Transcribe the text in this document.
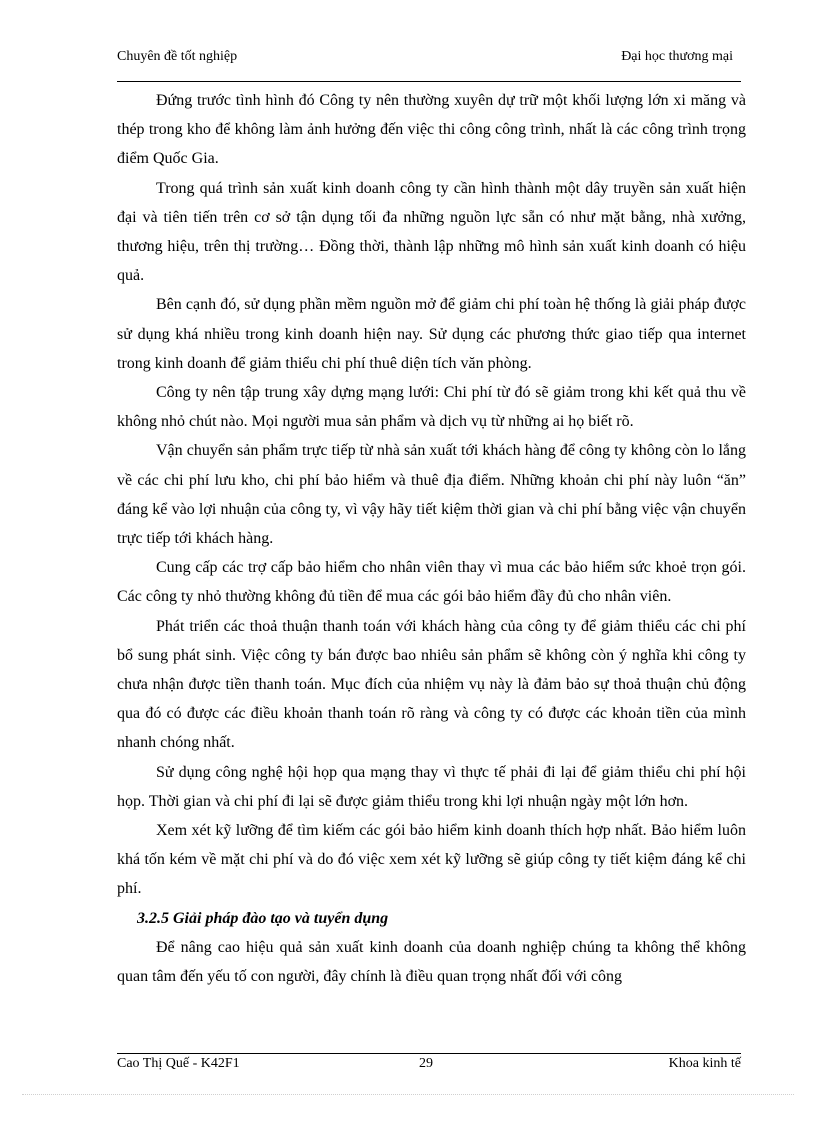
Chuyên đề tốt nghiệp	Đại học thương mại

Đứng trước tình hình đó Công ty nên thường xuyên dự trữ một khối lượng lớn xi măng và thép trong kho để không làm ảnh hưởng đến việc thi công công trình, nhất là các công trình trọng điểm Quốc Gia.

Trong quá trình sản xuất kinh doanh công ty cần hình thành một dây truyền sản xuất hiện đại và tiên tiến trên cơ sở tận dụng tối đa những nguồn lực sẵn có như mặt bằng, nhà xưởng, thương hiệu, trên thị trường… Đồng thời, thành lập những mô hình sản xuất kinh doanh có hiệu quả.

Bên cạnh đó, sử dụng phần mềm nguồn mở để giảm chi phí toàn hệ thống là giải pháp được sử dụng khá nhiều trong kinh doanh hiện nay. Sử dụng các phương thức giao tiếp qua internet trong kinh doanh để giảm thiểu chi phí thuê diện tích văn phòng.

Công ty nên tập trung xây dựng mạng lưới: Chi phí từ đó sẽ giảm trong khi kết quả thu về không nhỏ chút nào. Mọi người mua sản phẩm và dịch vụ từ những ai họ biết rõ.

Vận chuyển sản phẩm trực tiếp từ nhà sản xuất tới khách hàng để công ty không còn lo lắng về các chi phí lưu kho, chi phí bảo hiểm và thuê địa điểm. Những khoản chi phí này luôn “ăn” đáng kể vào lợi nhuận của công ty, vì vậy hãy tiết kiệm thời gian và chi phí bằng việc vận chuyển trực tiếp tới khách hàng.

Cung cấp các trợ cấp bảo hiểm cho nhân viên thay vì mua các bảo hiểm sức khoẻ trọn gói. Các công ty nhỏ thường không đủ tiền để mua các gói bảo hiểm đầy đủ cho nhân viên.

Phát triển các thoả thuận thanh toán với khách hàng của công ty để giảm thiểu các chi phí bổ sung phát sinh. Việc công ty bán được bao nhiêu sản phẩm sẽ không còn ý nghĩa khi công ty chưa nhận được tiền thanh toán. Mục đích của nhiệm vụ này là đảm bảo sự thoả thuận chủ động qua đó có được các điều khoản thanh toán rõ ràng và công ty có được các khoản tiền của mình nhanh chóng nhất.

Sử dụng công nghệ hội họp qua mạng thay vì thực tế phải đi lại để giảm thiểu chi phí hội họp. Thời gian và chi phí đi lại sẽ được giảm thiểu trong khi lợi nhuận ngày một lớn hơn.

Xem xét kỹ lưỡng để tìm kiếm các gói bảo hiểm kinh doanh thích hợp nhất. Bảo hiểm luôn khá tốn kém về mặt chi phí và do đó việc xem xét kỹ lưỡng sẽ giúp công ty tiết kiệm đáng kể chi phí.

3.2.5 Giải pháp đào tạo và tuyển dụng

Để nâng cao hiệu quả sản xuất kinh doanh của doanh nghiệp chúng ta không thể không quan tâm đến yếu tố con người, đây chính là điều quan trọng nhất đối với công

Cao Thị Quế - K42F1	29	Khoa kinh tế
